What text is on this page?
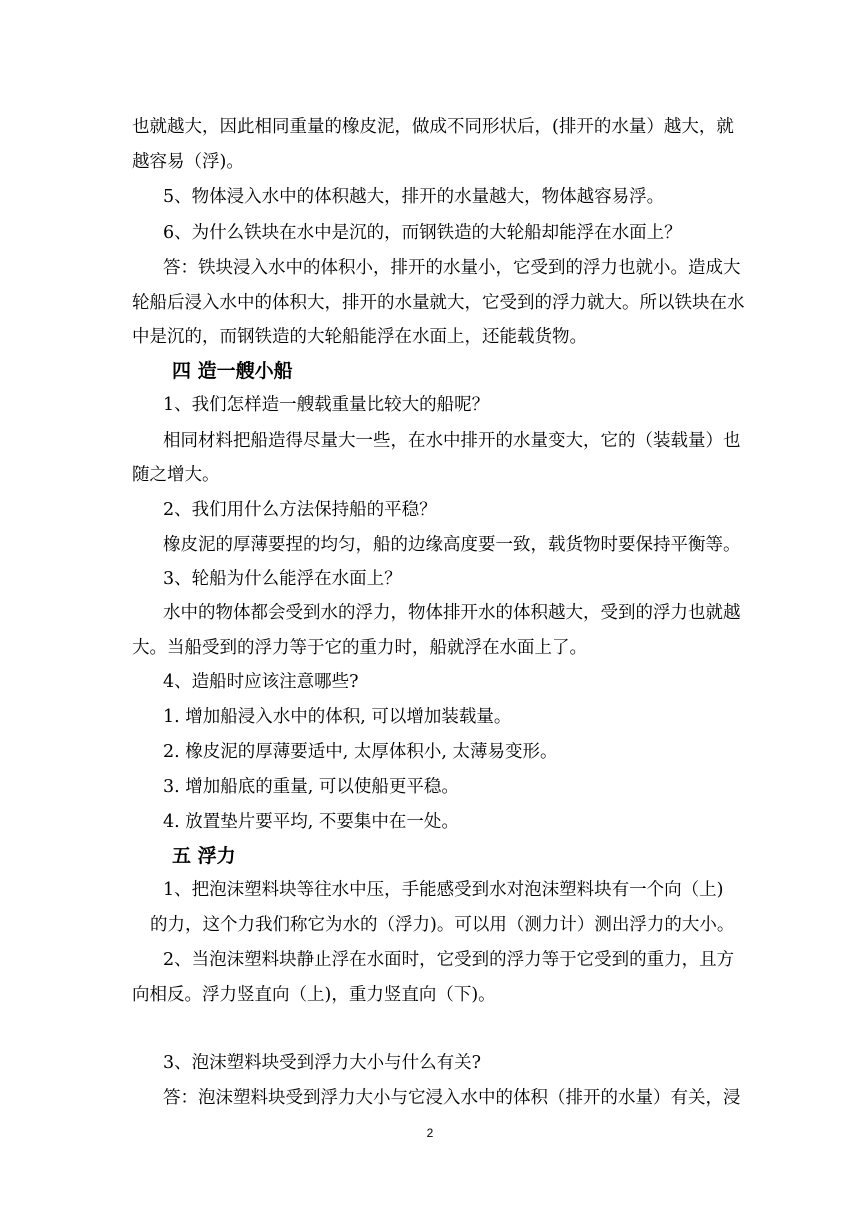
也就越大，因此相同重量的橡皮泥，做成不同形状后，(排开的水量）越大，就
越容易（浮)。
5、物体浸入水中的体积越大，排开的水量越大，物体越容易浮。
6、为什么铁块在水中是沉的，而钢铁造的大轮船却能浮在水面上？
答：铁块浸入水中的体积小，排开的水量小，它受到的浮力也就小。造成大
轮船后浸入水中的体积大，排开的水量就大，它受到的浮力就大。所以铁块在水
中是沉的，而钢铁造的大轮船能浮在水面上，还能载货物。
四 造一艘小船
1、我们怎样造一艘载重量比较大的船呢？
相同材料把船造得尽量大一些，在水中排开的水量变大，它的（装载量）也
随之增大。
2、我们用什么方法保持船的平稳？
橡皮泥的厚薄要捏的均匀，船的边缘高度要一致，载货物时要保持平衡等。
3、轮船为什么能浮在水面上？
水中的物体都会受到水的浮力，物体排开水的体积越大，受到的浮力也就越
大。当船受到的浮力等于它的重力时，船就浮在水面上了。
4、造船时应该注意哪些?
1. 增加船浸入水中的体积, 可以增加装载量。
2. 橡皮泥的厚薄要适中, 太厚体积小, 太薄易变形。
3. 增加船底的重量, 可以使船更平稳。
4. 放置垫片要平均, 不要集中在一处。
五 浮力
1、把泡沫塑料块等往水中压，手能感受到水对泡沫塑料块有一个向（上)
的力，这个力我们称它为水的（浮力)。可以用（测力计）测出浮力的大小。
2、当泡沫塑料块静止浮在水面时，它受到的浮力等于它受到的重力，且方
向相反。浮力竖直向（上)，重力竖直向（下)。
3、泡沫塑料块受到浮力大小与什么有关?
答：泡沫塑料块受到浮力大小与它浸入水中的体积（排开的水量）有关，浸
2
